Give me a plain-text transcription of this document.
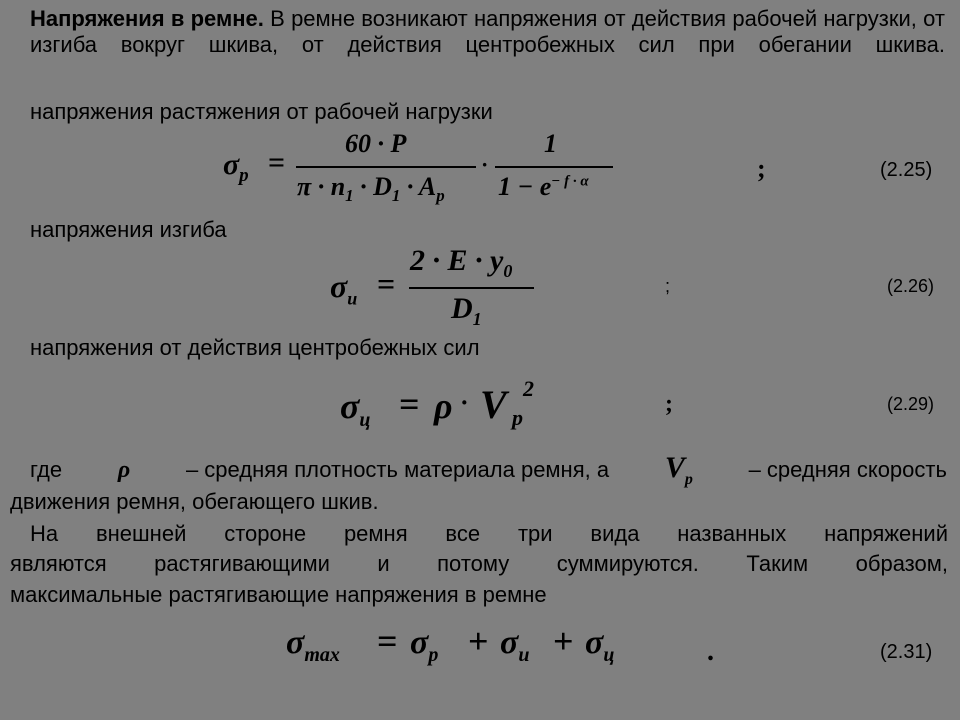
Напряжения в ремне. В ремне возникают напряжения от действия рабочей нагрузки, от изгиба вокруг шкива, от действия центробежных сил при обегании шкива.
напряжения растяжения от рабочей нагрузки
$\sigma_p$ =
60 · P
$\pi \cdot n_1 \cdot D_1 \cdot A_p$
·
1
$1 - e^{- f \cdot \alpha}$	;	(2.25)
напряжения изгиба
$\sigma_и$ =
$2 \cdot E \cdot y_0$
$D_1$
;	(2.26)
напряжения от действия центробежных сил
$\sigma_ц = \rho \cdot V$ 2
p
;	(2.29)
где ρ	– средняя плотность материала ремня, а $V_p$	– средняя скорость
движения ремня, обегающего шкив.
На внешней стороне ремня все три вида названных напряжений
являются растягивающими и потому суммируются. Таким образом,
максимальные растягивающие напряжения в ремне
$\sigma_{max} = \sigma_p + \sigma_и + \sigma_ц$	.	(2.31)
